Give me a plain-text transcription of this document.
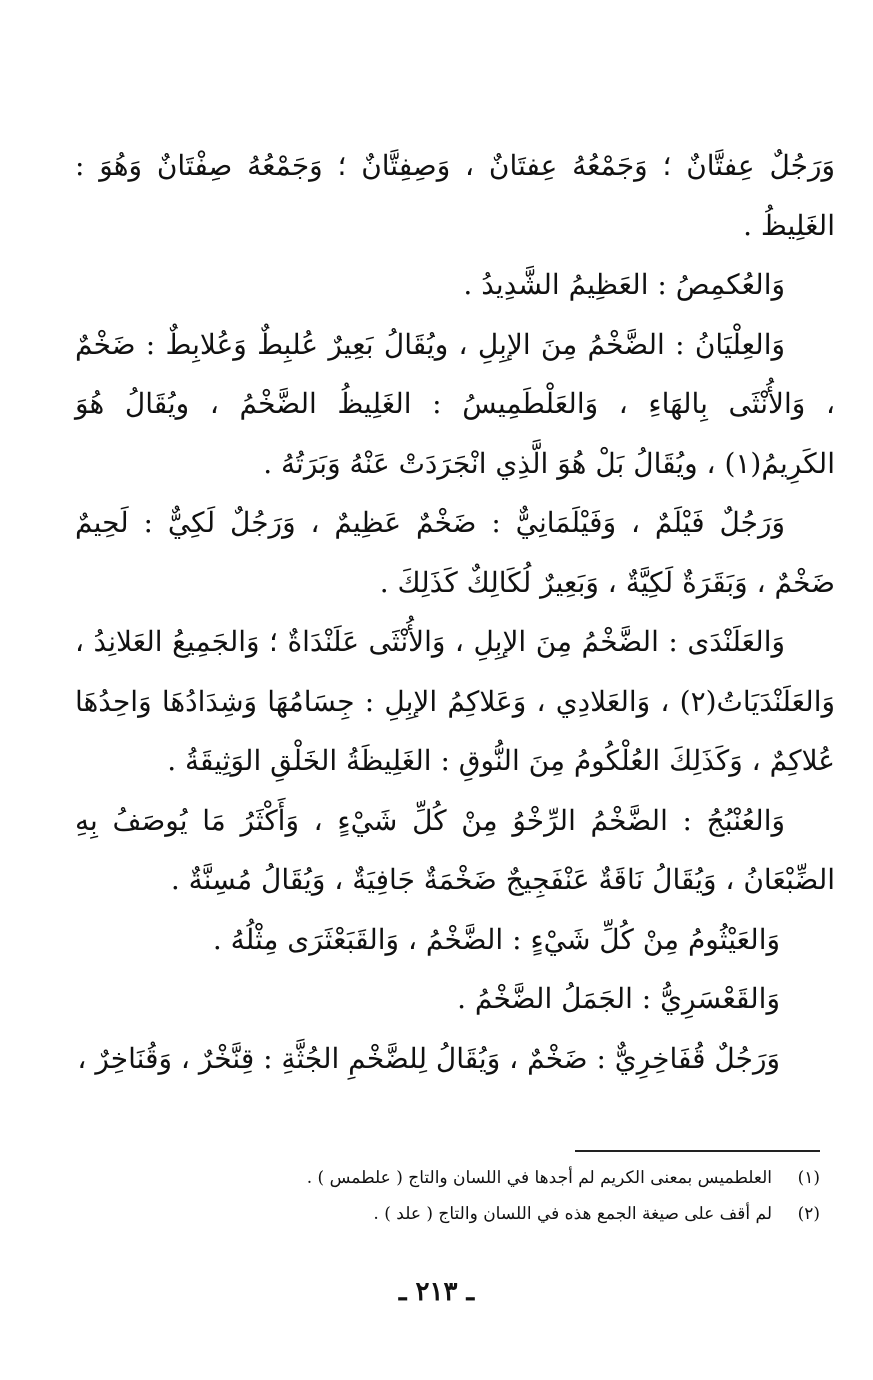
وَرَجُلٌ عِفتَّانٌ ؛ وَجَمْعُهُ عِفتَانٌ ، وَصِفِتَّانٌ ؛ وَجَمْعُهُ صِفْتَانٌ وَهُوَ : الغَلِيظُ .

وَالعُكمِصُ : العَظِيمُ الشَّدِيدُ .

وَالعِلْيَانُ : الضَّخْمُ مِنَ الإبِلِ ، ويُقَالُ بَعِيرٌ عُلبِطٌ وَعُلابِطٌ : ضَخْمٌ ، وَالأُنْثَى بِالهَاءِ ، وَالعَلْطَمِيسُ : الغَلِيظُ الضَّخْمُ ، ويُقَالُ هُوَ الكَرِيمُ(١) ، ويُقَالُ بَلْ هُوَ الَّذِي انْجَرَدَتْ عَنْهُ وَبَرَتُهُ .

وَرَجُلٌ فَيْلَمٌ ، وَفَيْلَمَانِيٌّ : ضَخْمٌ عَظِيمٌ ، وَرَجُلٌ لَكِيٌّ : لَحِيمٌ ضَخْمٌ ، وَبَقَرَةٌ لَكِيَّةٌ ، وَبَعِيرٌ لُكَالِكٌ كَذَلِكَ .

وَالعَلَنْدَى : الضَّخْمُ مِنَ الإبِلِ ، وَالأُنْثَى عَلَنْدَاةٌ ؛ وَالجَمِيعُ العَلانِدُ ، وَالعَلَنْدَيَاتُ(٢) ، وَالعَلادِي ، وَعَلاكِمُ الإبِلِ : جِسَامُهَا وَشِدَادُهَا وَاحِدُهَا عُلاكِمٌ ، وَكَذَلِكَ العُلْكُومُ مِنَ النُّوقِ : الغَلِيظَةُ الخَلْقِ الوَثِيقَةُ .

وَالعُنْبُجُ : الضَّخْمُ الرِّخْوُ مِنْ كُلِّ شَيْءٍ ، وَأَكْثَرُ مَا يُوصَفُ بِهِ الضِّبْعَانُ ، وَيُقَالُ نَاقَةٌ عَنْفَجِيجٌ ضَخْمَةٌ جَافِيَةٌ ، وَيُقَالُ مُسِنَّةٌ .

وَالعَيْثُومُ مِنْ كُلِّ شَيْءٍ : الضَّخْمُ ، وَالقَبَعْثَرَى مِثْلُهُ .

وَالقَعْسَرِيُّ : الجَمَلُ الضَّخْمُ .

وَرَجُلٌ قُفَاخِرِيٌّ : ضَخْمٌ ، وَيُقَالُ لِلضَّخْمِ الجُثَّةِ : قِنَّخْرٌ ، وَقُنَاخِرٌ ،

(١)
العلطميس بمعنى الكريم لم أجدها في اللسان والتاج ( علطمس ) .
(٢)
لم أقف على صيغة الجمع هذه في اللسان والتاج ( علد ) .
ـ ٢١٣ ـ
